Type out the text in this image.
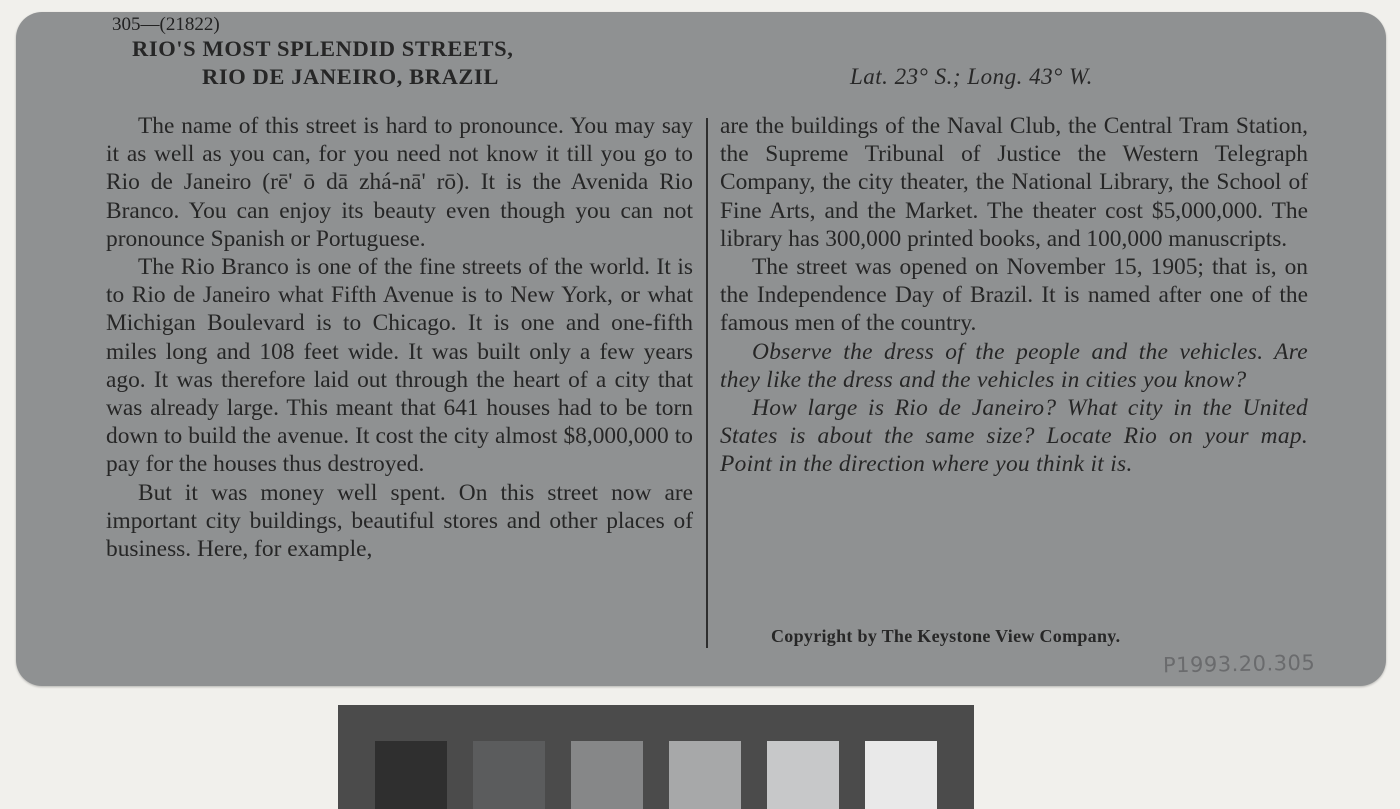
305—(21822)
RIO'S MOST SPLENDID STREETS,
RIO DE JANEIRO, BRAZIL	Lat. 23° S.; Long. 43° W.

The name of this street is hard to pronounce. You may say it as well as you can, for you need not know it till you go to Rio de Janeiro (rē' ō dā zhá-nā' rō). It is the Avenida Rio Branco. You can enjoy its beauty even though you can not pronounce Spanish or Portuguese.

The Rio Branco is one of the fine streets of the world. It is to Rio de Janeiro what Fifth Avenue is to New York, or what Michigan Boulevard is to Chicago. It is one and one-fifth miles long and 108 feet wide. It was built only a few years ago. It was therefore laid out through the heart of a city that was already large. This meant that 641 houses had to be torn down to build the avenue. It cost the city almost $8,000,000 to pay for the houses thus destroyed.

But it was money well spent. On this street now are important city buildings, beautiful stores and other places of business. Here, for example,

are the buildings of the Naval Club, the Central Tram Station, the Supreme Tribunal of Justice the Western Telegraph Company, the city theater, the National Library, the School of Fine Arts, and the Market. The theater cost $5,000,000. The library has 300,000 printed books, and 100,000 manuscripts.

The street was opened on November 15, 1905; that is, on the Independence Day of Brazil. It is named after one of the famous men of the country.

Observe the dress of the people and the vehicles. Are they like the dress and the vehicles in cities you know?

How large is Rio de Janeiro? What city in the United States is about the same size? Locate Rio on your map. Point in the direction where you think it is.

Copyright by The Keystone View Company.
P1993.20.305
